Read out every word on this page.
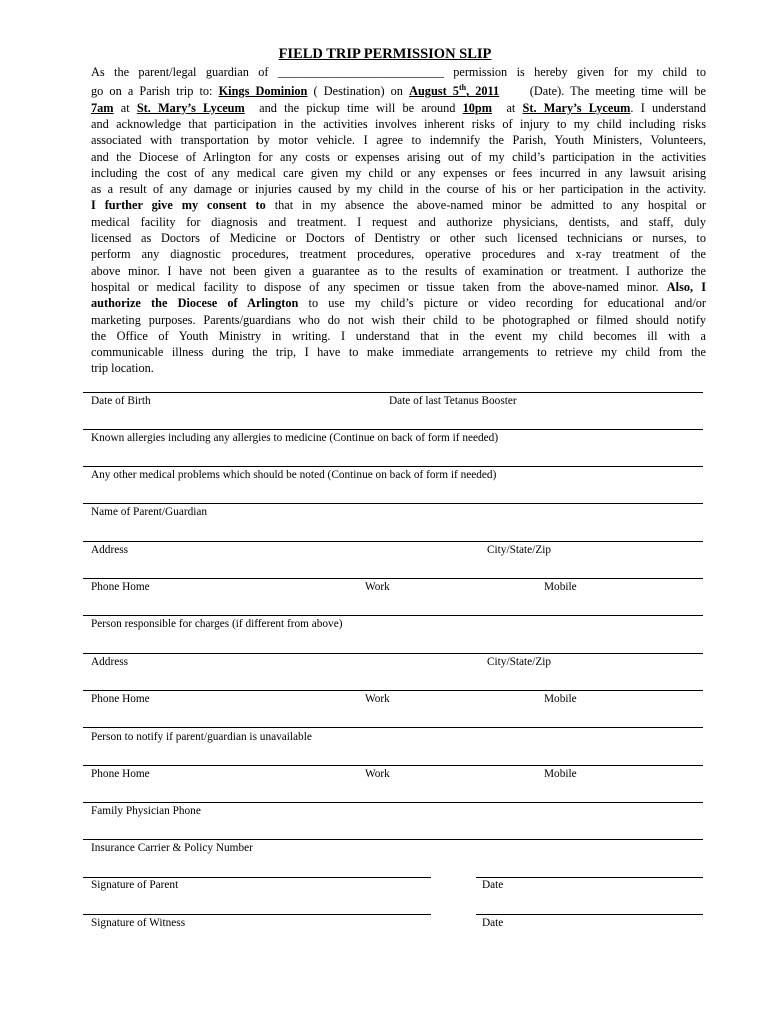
FIELD TRIP PERMISSION SLIP
As the parent/legal guardian of ___________________________ permission is hereby given for my child to
go on a Parish trip to: Kings Dominion ( Destination) on August 5th, 2011     (Date). The meeting time will be
7am at St. Mary’s Lyceum  and the pickup time will be around 10pm  at St. Mary’s Lyceum. I understand
and acknowledge that participation in the activities involves inherent risks of injury to my child including risks
associated with transportation by motor vehicle. I agree to indemnify the Parish, Youth Ministers, Volunteers,
and the Diocese of Arlington for any costs or expenses arising out of my child’s participation in the activities
including the cost of any medical care given my child or any expenses or fees incurred in any lawsuit arising
as a result of any damage or injuries caused by my child in the course of his or her participation in the activity.
I further give my consent to that in my absence the above-named minor be admitted to any hospital or
medical facility for diagnosis and treatment. I request and authorize physicians, dentists, and staff, duly
licensed as Doctors of Medicine or Doctors of Dentistry or other such licensed technicians or nurses, to
perform any diagnostic procedures, treatment procedures, operative procedures and x-ray treatment of the
above minor. I have not been given a guarantee as to the results of examination or treatment. I authorize the
hospital or medical facility to dispose of any specimen or tissue taken from the above-named minor. Also, I
authorize the Diocese of Arlington to use my child’s picture or video recording for educational and/or
marketing purposes. Parents/guardians who do not wish their child to be photographed or filmed should notify
the Office of Youth Ministry in writing. I understand that in the event my child becomes ill with a
communicable illness during the trip, I have to make immediate arrangements to retrieve my child from the
trip location.
Date of Birth	Date of last Tetanus Booster
Known allergies including any allergies to medicine (Continue on back of form if needed)
Any other medical problems which should be noted (Continue on back of form if needed)
Name of Parent/Guardian
Address	City/State/Zip
Phone Home	Work	Mobile
Person responsible for charges (if different from above)
Address	City/State/Zip
Phone Home	Work	Mobile
Person to notify if parent/guardian is unavailable
Phone Home	Work	Mobile
Family Physician Phone
Insurance Carrier & Policy Number
Signature of Parent	Date
Signature of Witness	Date
